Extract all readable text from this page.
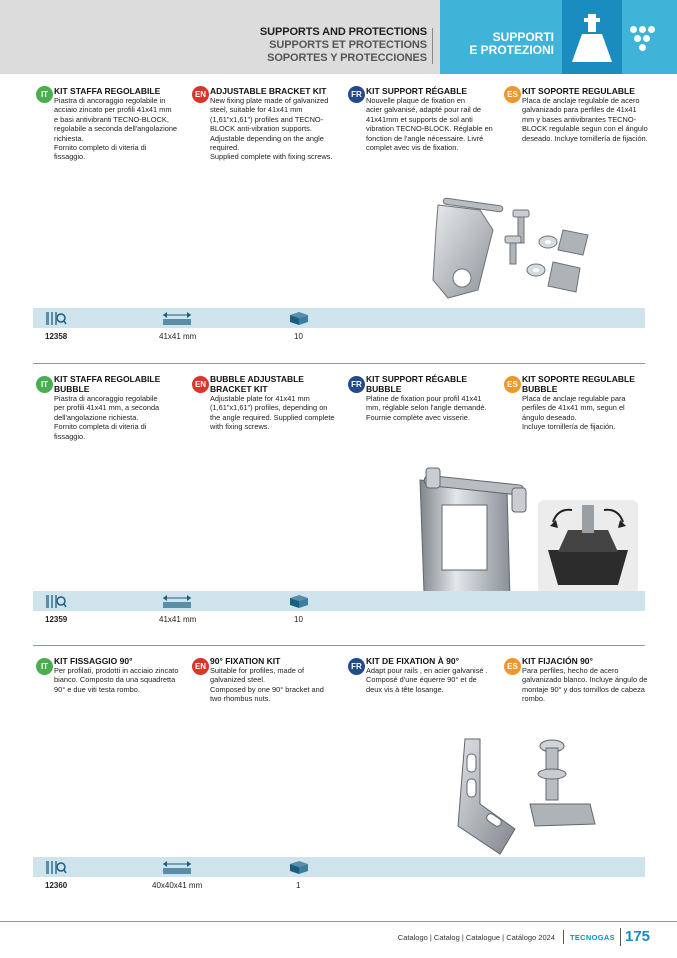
SUPPORTS AND PROTECTIONS
SUPPORTS ET PROTECTIONS
SOPORTES Y PROTECCIONES
SUPPORTI
E PROTEZIONI
IT KIT STAFFA REGOLABILE
Piastra di ancoraggio regolabile in
acciaio zincato per profili 41x41 mm
e basi antivibranti TECNO-BLOCK,
regolabile a seconda dell'angolazione
richiesta.
Fornito completo di viteria di
fissaggio.
EN ADJUSTABLE BRACKET KIT
New fixing plate made of galvanized
steel, suitable for 41x41 mm
(1,61"x1,61") profiles and TECNO-
BLOCK anti-vibration supports.
Adjustable depending on the angle
required.
Supplied complete with fixing screws.
FR KIT SUPPORT RÉGABLE
Nouvelle plaque de fixation en
acier galvanisé, adapté pour rail de
41x41mm et supports de sol anti
vibration TECNO-BLOCK. Réglable en
fonction de l'angle nécessaire. Livré
complet avec vis de fixation.
ES KIT SOPORTE REGULABLE
Placa de anclaje regulable de acero
galvanizado para perfiles de 41x41
mm y bases antivibrantes TECNO-
BLOCK regulable segun con el ángulo
deseado. Incluye tornillería de fijación.
12358	41x41 mm	10
IT
KIT STAFFA REGOLABILE
BUBBLE
Piastra di ancoraggio regolabile
per profili 41x41 mm, a seconda
dell'angolazione richiesta.
Fornito completa di viteria di
fissaggio.
EN
BUBBLE ADJUSTABLE
BRACKET KIT
Adjustable plate for 41x41 mm
(1,61"x1,61") profiles, depending on
the angle required. Supplied complete
with fixing screws.
FR
KIT SUPPORT RÉGABLE
BUBBLE
Platine de fixation pour profil 41x41
mm, réglable selon l'angle demandé.
Fournie complète avec visserie.
ES
KIT SOPORTE REGULABLE
BUBBLE
Placa de anclaje regulable para
perfiles de 41x41 mm, segun el
ángulo deseado.
Incluye tornillería de fijación.
12359	41x41 mm	10
IT
KIT FISSAGGIO 90°
Per profilati, prodotti in acciaio zincato
bianco. Composto da una squadretta
90° e due viti testa rombo.
EN
90° FIXATION KIT
Suitable for profiles, made of
galvanized steel.
Composed by one 90° bracket and
two rhombus nuts.
FR
KIT DE FIXATION À 90°
Adapt pour rails , en acier galvanisé .
Composé d'une équerre 90° et de
deux vis à tête losange.
ES
KIT FIJACIÓN 90°
Para perfiles, hecho de acero
galvanizado blanco. Incluye ángulo de
montaje 90° y dos tornillos de cabeza
rombo.
12360	40x40x41 mm	1
Catalogo | Catalog | Catalogue | Catálogo 2024 TECNOGAS 175
